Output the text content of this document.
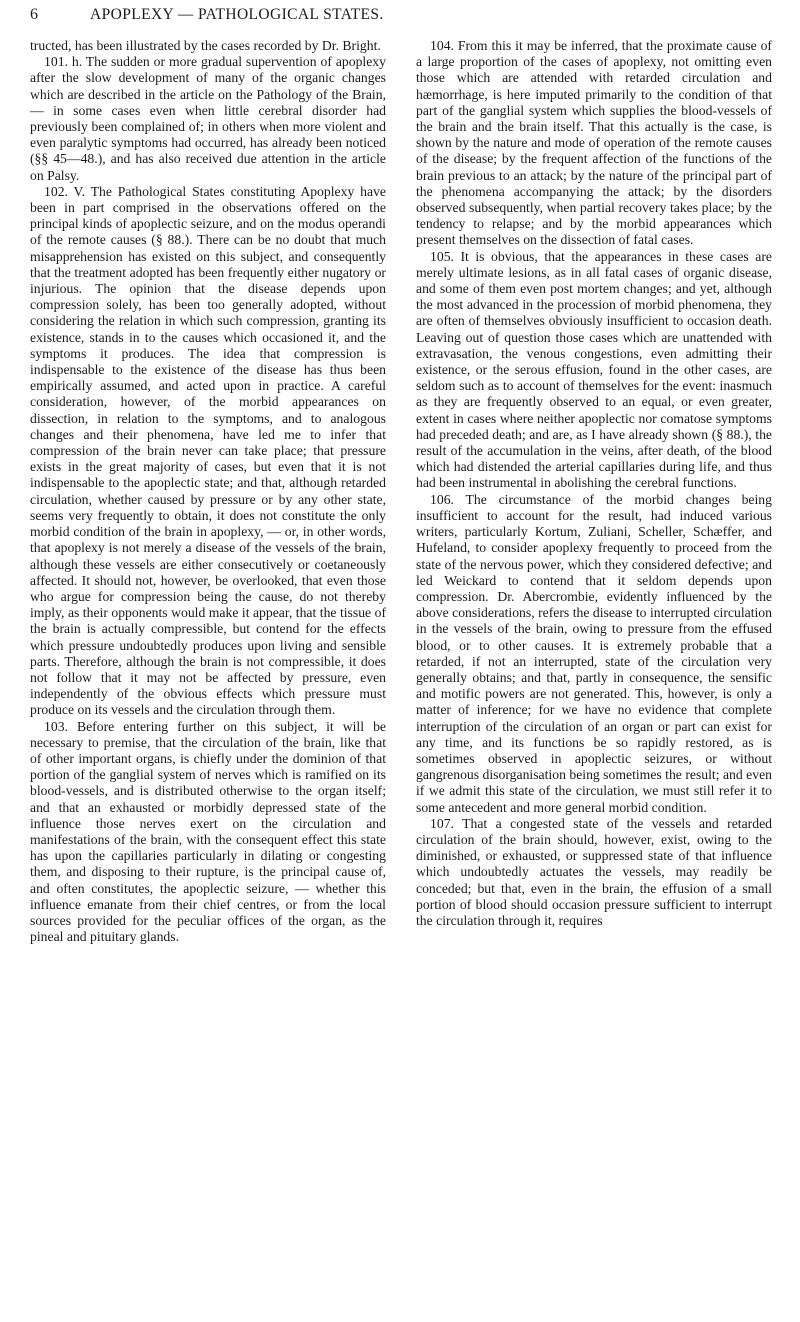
6	APOPLEXY — PATHOLOGICAL STATES.

tructed, has been illustrated by the cases recorded by Dr. Bright.

101. h. The sudden or more gradual supervention of apoplexy after the slow development of many of the organic changes which are described in the article on the Pathology of the Brain, — in some cases even when little cerebral disorder had previously been complained of; in others when more violent and even paralytic symptoms had occurred, has already been noticed (§§ 45—48.), and has also received due attention in the article on Palsy.

102. V. The Pathological States constituting Apoplexy have been in part comprised in the observations offered on the principal kinds of apoplectic seizure, and on the modus operandi of the remote causes (§ 88.). There can be no doubt that much misapprehension has existed on this subject, and consequently that the treatment adopted has been frequently either nugatory or injurious. The opinion that the disease depends upon compression solely, has been too generally adopted, without considering the relation in which such compression, granting its existence, stands in to the causes which occasioned it, and the symptoms it produces. The idea that compression is indispensable to the existence of the disease has thus been empirically assumed, and acted upon in practice. A careful consideration, however, of the morbid appearances on dissection, in relation to the symptoms, and to analogous changes and their phenomena, have led me to infer that compression of the brain never can take place; that pressure exists in the great majority of cases, but even that it is not indispensable to the apoplectic state; and that, although retarded circulation, whether caused by pressure or by any other state, seems very frequently to obtain, it does not constitute the only morbid condition of the brain in apoplexy, — or, in other words, that apoplexy is not merely a disease of the vessels of the brain, although these vessels are either consecutively or coetaneously affected. It should not, however, be overlooked, that even those who argue for compression being the cause, do not thereby imply, as their opponents would make it appear, that the tissue of the brain is actually compressible, but contend for the effects which pressure undoubtedly produces upon living and sensible parts. Therefore, although the brain is not compressible, it does not follow that it may not be affected by pressure, even independently of the obvious effects which pressure must produce on its vessels and the circulation through them.

103. Before entering further on this subject, it will be necessary to premise, that the circulation of the brain, like that of other important organs, is chiefly under the dominion of that portion of the ganglial system of nerves which is ramified on its blood-vessels, and is distributed otherwise to the organ itself; and that an exhausted or morbidly depressed state of the influence those nerves exert on the circulation and manifestations of the brain, with the consequent effect this state has upon the capillaries particularly in dilating or congesting them, and disposing to their rupture, is the principal cause of, and often constitutes, the apoplectic seizure, — whether this influence emanate from their chief centres, or from the local sources provided for the peculiar offices of the organ, as the pineal and pituitary glands.

104. From this it may be inferred, that the proximate cause of a large proportion of the cases of apoplexy, not omitting even those which are attended with retarded circulation and hæmorrhage, is here imputed primarily to the condition of that part of the ganglial system which supplies the blood-vessels of the brain and the brain itself. That this actually is the case, is shown by the nature and mode of operation of the remote causes of the disease; by the frequent affection of the functions of the brain previous to an attack; by the nature of the principal part of the phenomena accompanying the attack; by the disorders observed subsequently, when partial recovery takes place; by the tendency to relapse; and by the morbid appearances which present themselves on the dissection of fatal cases.

105. It is obvious, that the appearances in these cases are merely ultimate lesions, as in all fatal cases of organic disease, and some of them even post mortem changes; and yet, although the most advanced in the procession of morbid phenomena, they are often of themselves obviously insufficient to occasion death. Leaving out of question those cases which are unattended with extravasation, the venous congestions, even admitting their existence, or the serous effusion, found in the other cases, are seldom such as to account of themselves for the event: inasmuch as they are frequently observed to an equal, or even greater, extent in cases where neither apoplectic nor comatose symptoms had preceded death; and are, as I have already shown (§ 88.), the result of the accumulation in the veins, after death, of the blood which had distended the arterial capillaries during life, and thus had been instrumental in abolishing the cerebral functions.

106. The circumstance of the morbid changes being insufficient to account for the result, had induced various writers, particularly Kortum, Zuliani, Scheller, Schæffer, and Hufeland, to consider apoplexy frequently to proceed from the state of the nervous power, which they considered defective; and led Weickard to contend that it seldom depends upon compression. Dr. Abercrombie, evidently influenced by the above considerations, refers the disease to interrupted circulation in the vessels of the brain, owing to pressure from the effused blood, or to other causes. It is extremely probable that a retarded, if not an interrupted, state of the circulation very generally obtains; and that, partly in consequence, the sensific and motific powers are not generated. This, however, is only a matter of inference; for we have no evidence that complete interruption of the circulation of an organ or part can exist for any time, and its functions be so rapidly restored, as is sometimes observed in apoplectic seizures, or without gangrenous disorganisation being sometimes the result; and even if we admit this state of the circulation, we must still refer it to some antecedent and more general morbid condition.

107. That a congested state of the vessels and retarded circulation of the brain should, however, exist, owing to the diminished, or exhausted, or suppressed state of that influence which undoubtedly actuates the vessels, may readily be conceded; but that, even in the brain, the effusion of a small portion of blood should occasion pressure sufficient to interrupt the circulation through it, requires
